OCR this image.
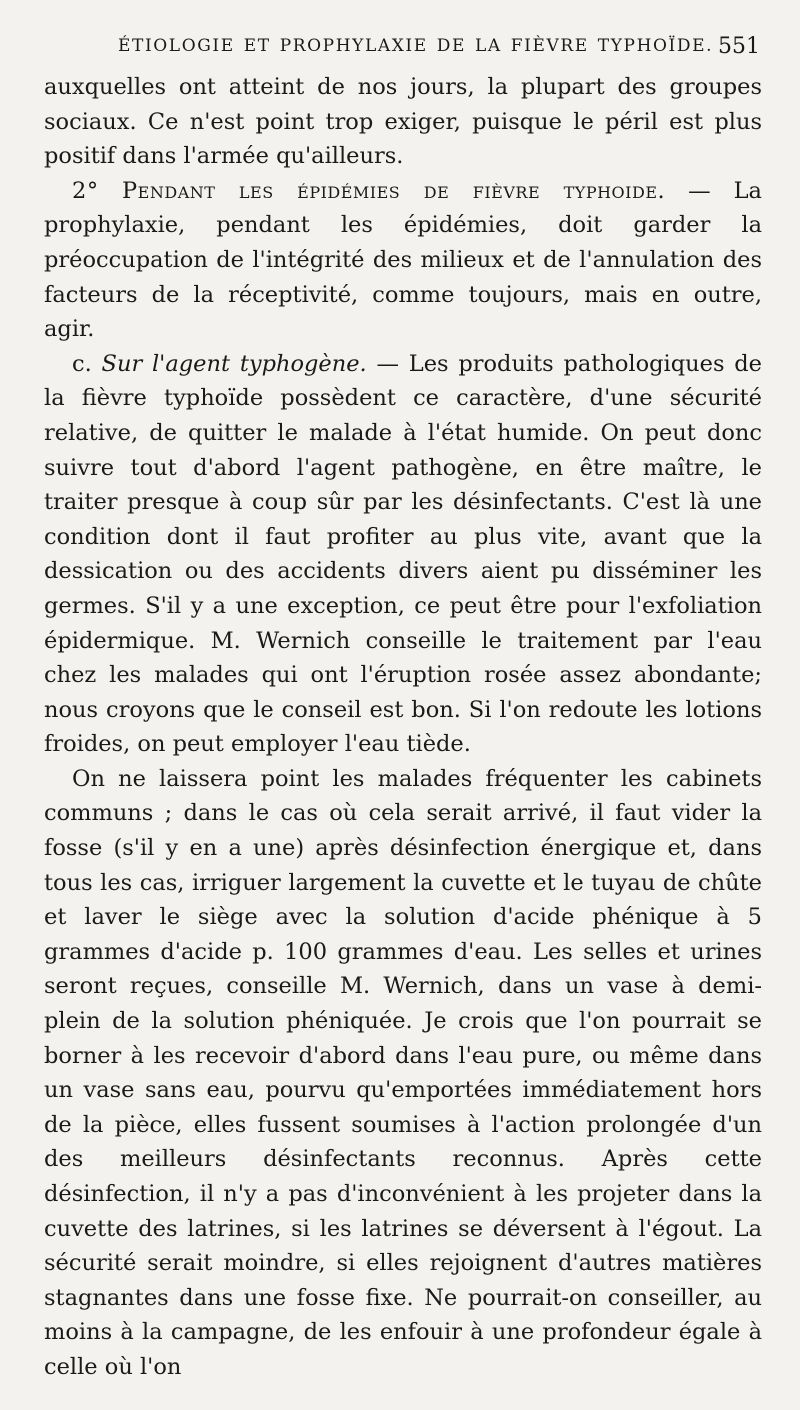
ÉTIOLOGIE ET PROPHYLAXIE DE LA FIÈVRE TYPHOÏDE. 551

auxquelles ont atteint de nos jours, la plupart des groupes sociaux. Ce n'est point trop exiger, puisque le péril est plus positif dans l'armée qu'ailleurs.

2° Pendant les épidémies de fièvre typhoide. — La prophylaxie, pendant les épidémies, doit garder la préoccupation de l'intégrité des milieux et de l'annulation des facteurs de la réceptivité, comme toujours, mais en outre, agir.

c. Sur l'agent typhogène. — Les produits pathologiques de la fièvre typhoïde possèdent ce caractère, d'une sécurité relative, de quitter le malade à l'état humide. On peut donc suivre tout d'abord l'agent pathogène, en être maître, le traiter presque à coup sûr par les désinfectants. C'est là une condition dont il faut profiter au plus vite, avant que la dessication ou des accidents divers aient pu disséminer les germes. S'il y a une exception, ce peut être pour l'exfoliation épidermique. M. Wernich conseille le traitement par l'eau chez les malades qui ont l'éruption rosée assez abondante; nous croyons que le conseil est bon. Si l'on redoute les lotions froides, on peut employer l'eau tiède.

On ne laissera point les malades fréquenter les cabinets communs ; dans le cas où cela serait arrivé, il faut vider la fosse (s'il y en a une) après désinfection énergique et, dans tous les cas, irriguer largement la cuvette et le tuyau de chûte et laver le siège avec la solution d'acide phénique à 5 grammes d'acide p. 100 grammes d'eau. Les selles et urines seront reçues, conseille M. Wernich, dans un vase à demi-plein de la solution phéniquée. Je crois que l'on pourrait se borner à les recevoir d'abord dans l'eau pure, ou même dans un vase sans eau, pourvu qu'emportées immédiatement hors de la pièce, elles fussent soumises à l'action prolongée d'un des meilleurs désinfectants reconnus. Après cette désinfection, il n'y a pas d'inconvénient à les projeter dans la cuvette des latrines, si les latrines se déversent à l'égout. La sécurité serait moindre, si elles rejoignent d'autres matières stagnantes dans une fosse fixe. Ne pourrait-on conseiller, au moins à la campagne, de les enfouir à une profondeur égale à celle où l'on
